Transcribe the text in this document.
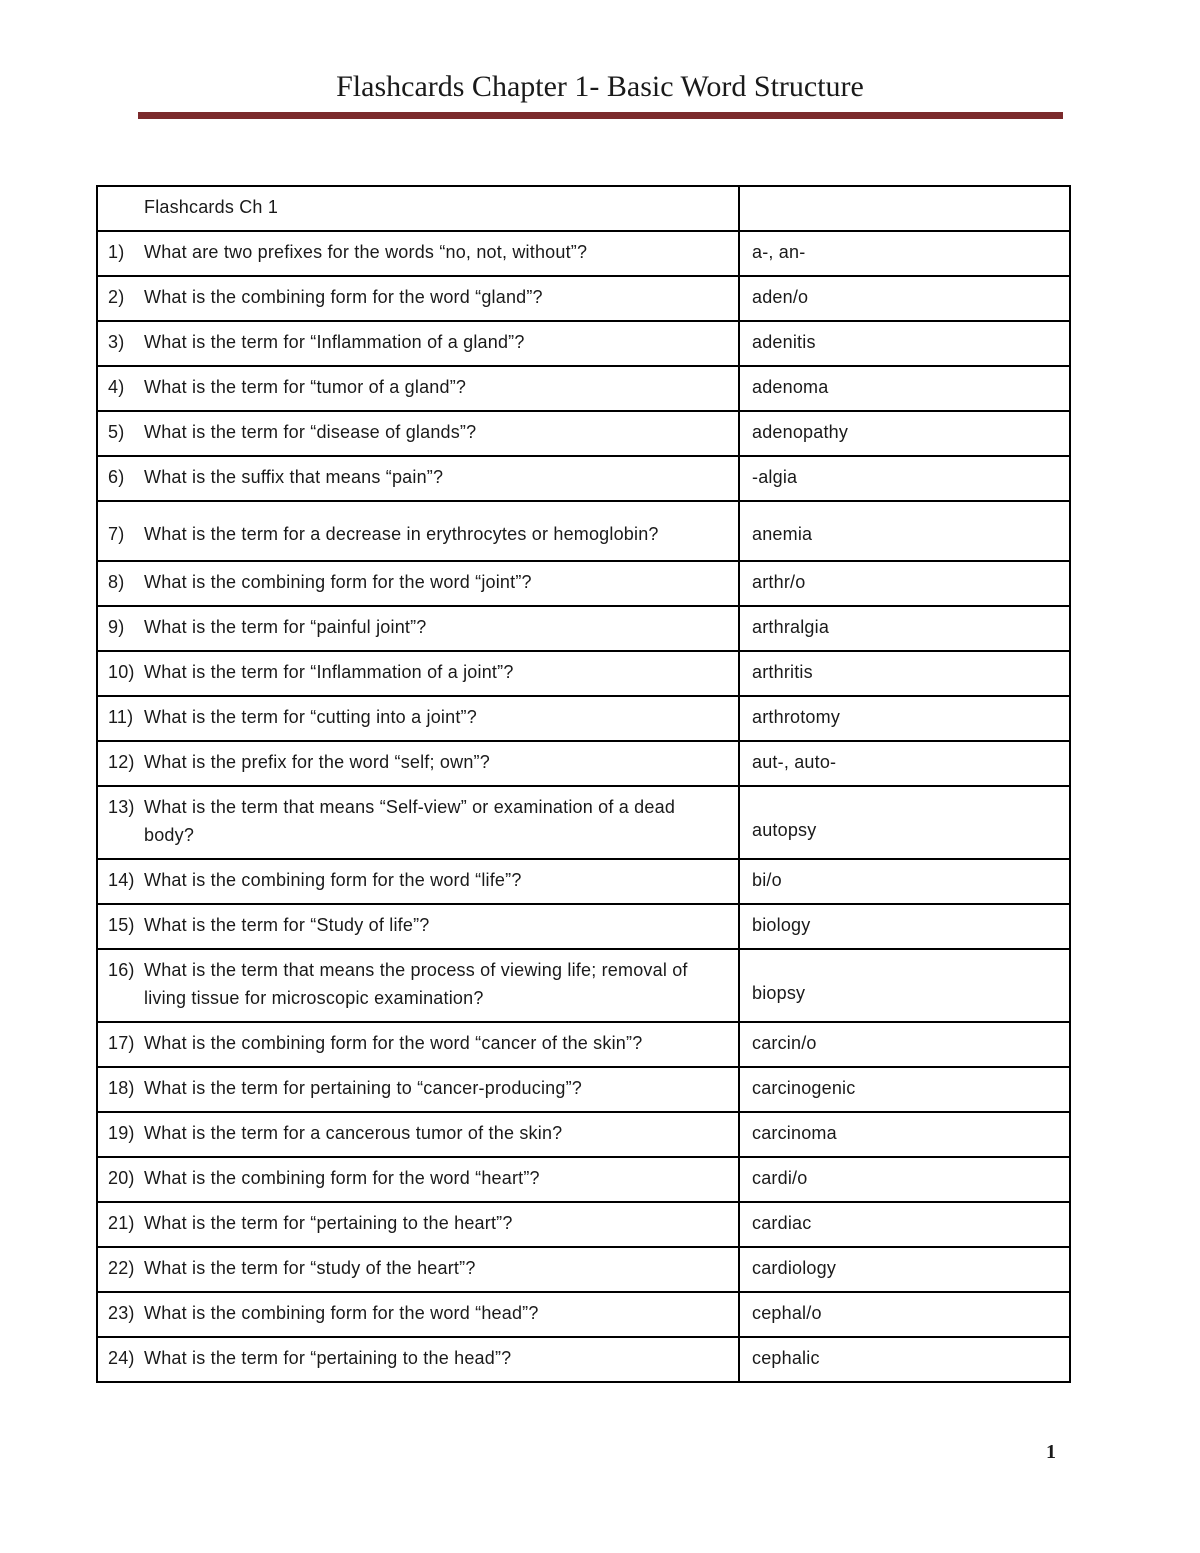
Flashcards Chapter 1- Basic Word Structure
Flashcards Ch 1	

1) What are two prefixes for the words “no, not, without”?	a-, an-

2) What is the combining form for the word “gland”?	aden/o

3) What is the term for “Inflammation of a gland”?	adenitis

4) What is the term for “tumor of a gland”?	adenoma

5) What is the term for “disease of glands”?	adenopathy

6) What is the suffix that means “pain”?	-algia

7) What is the term for a decrease in erythrocytes or hemoglobin?	anemia

8) What is the combining form for the word “joint”?	arthr/o

9) What is the term for “painful joint”?	arthralgia

10) What is the term for “Inflammation of a joint”?	arthritis

11) What is the term for “cutting into a joint”?	arthrotomy

12) What is the prefix for the word “self; own”?	aut-, auto-

13) What is the term that means “Self-view” or examination of a dead body?	autopsy

14) What is the combining form for the word “life”?	bi/o

15) What is the term for “Study of life”?	biology

16) What is the term that means the process of viewing life; removal of living tissue for microscopic examination?	biopsy

17) What is the combining form for the word “cancer of the skin”?	carcin/o

18) What is the term for pertaining to “cancer-producing”?	carcinogenic

19) What is the term for a cancerous tumor of the skin?	carcinoma

20) What is the combining form for the word “heart”?	cardi/o

21) What is the term for “pertaining to the heart”?	cardiac

22) What is the term for “study of the heart”?	cardiology

23) What is the combining form for the word “head”?	cephal/o

24) What is the term for “pertaining to the head”?	cephalic
1
